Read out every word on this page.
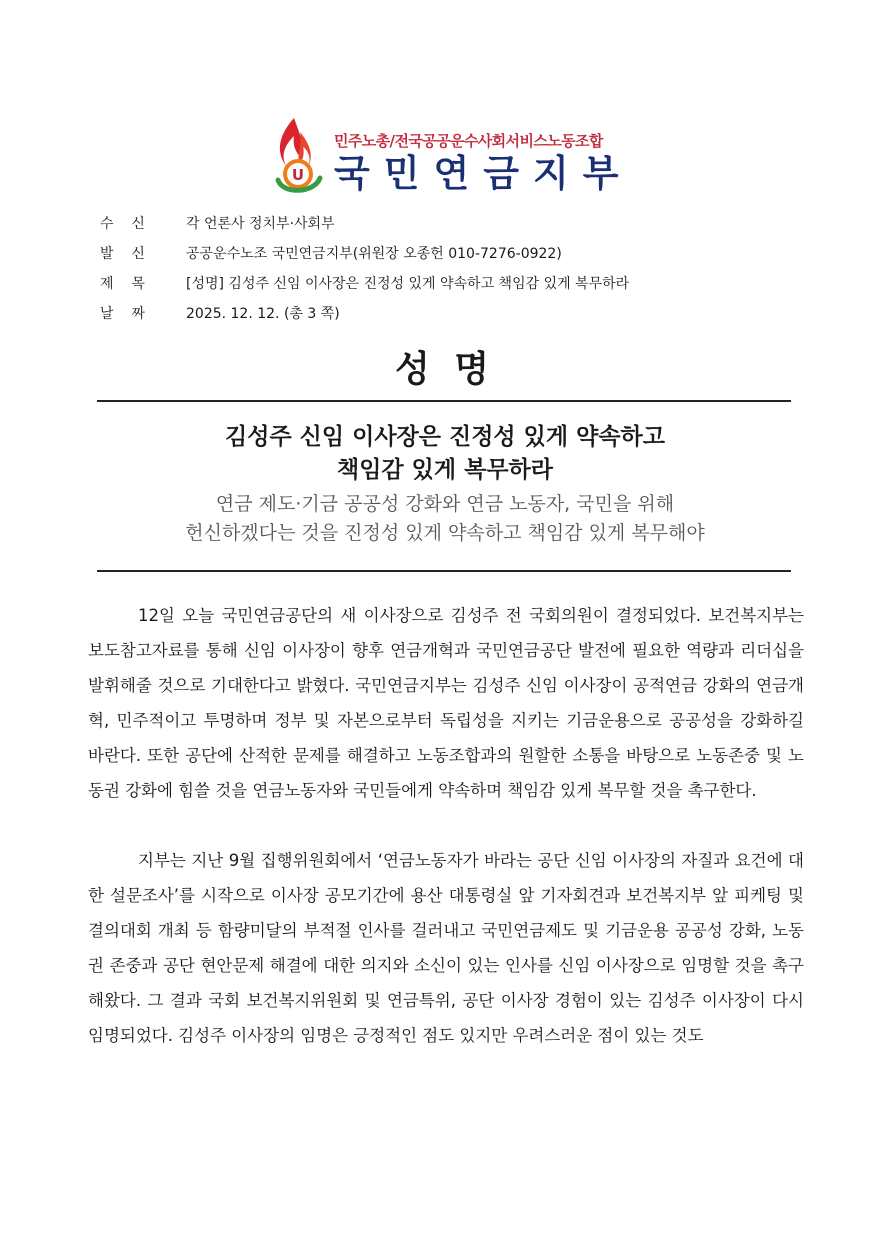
U
민주노총/전국공공운수사회서비스노동조합
국민연금지부
수    신	각 언론사 정치부·사회부
발    신	공공운수노조 국민연금지부(위원장 오종헌 010-7276-0922)
제    목	[성명] 김성주 신임 이사장은 진정성 있게 약속하고 책임감 있게 복무하라
날    짜	2025. 12. 12. (총 3 쪽)
성 명
김성주 신임 이사장은 진정성 있게 약속하고
책임감 있게 복무하라
연금 제도·기금 공공성 강화와 연금 노동자, 국민을 위해
헌신하겠다는 것을 진정성 있게 약속하고 책임감 있게 복무해야

12일 오늘 국민연금공단의 새 이사장으로 김성주 전 국회의원이 결정되었다. 보건복지부는 보도참고자료를 통해 신임 이사장이 향후 연금개혁과 국민연금공단 발전에 필요한 역량과 리더십을 발휘해줄 것으로 기대한다고 밝혔다. 국민연금지부는 김성주 신임 이사장이 공적연금 강화의 연금개혁, 민주적이고 투명하며 정부 및 자본으로부터 독립성을 지키는 기금운용으로 공공성을 강화하길 바란다. 또한 공단에 산적한 문제를 해결하고 노동조합과의 원할한 소통을 바탕으로 노동존중 및 노동권 강화에 힘쓸 것을 연금노동자와 국민들에게 약속하며 책임감 있게 복무할 것을 촉구한다.

지부는 지난 9월 집행위원회에서 ‘연금노동자가 바라는 공단 신임 이사장의 자질과 요건에 대한 설문조사’를 시작으로 이사장 공모기간에 용산 대통령실 앞 기자회견과 보건복지부 앞 피케팅 및 결의대회 개최 등 함량미달의 부적절 인사를 걸러내고 국민연금제도 및 기금운용 공공성 강화, 노동권 존중과 공단 현안문제 해결에 대한 의지와 소신이 있는 인사를 신임 이사장으로 임명할 것을 촉구해왔다. 그 결과 국회 보건복지위원회 및 연금특위, 공단 이사장 경험이 있는 김성주 이사장이 다시 임명되었다. 김성주 이사장의 임명은 긍정적인 점도 있지만 우려스러운 점이 있는 것도
